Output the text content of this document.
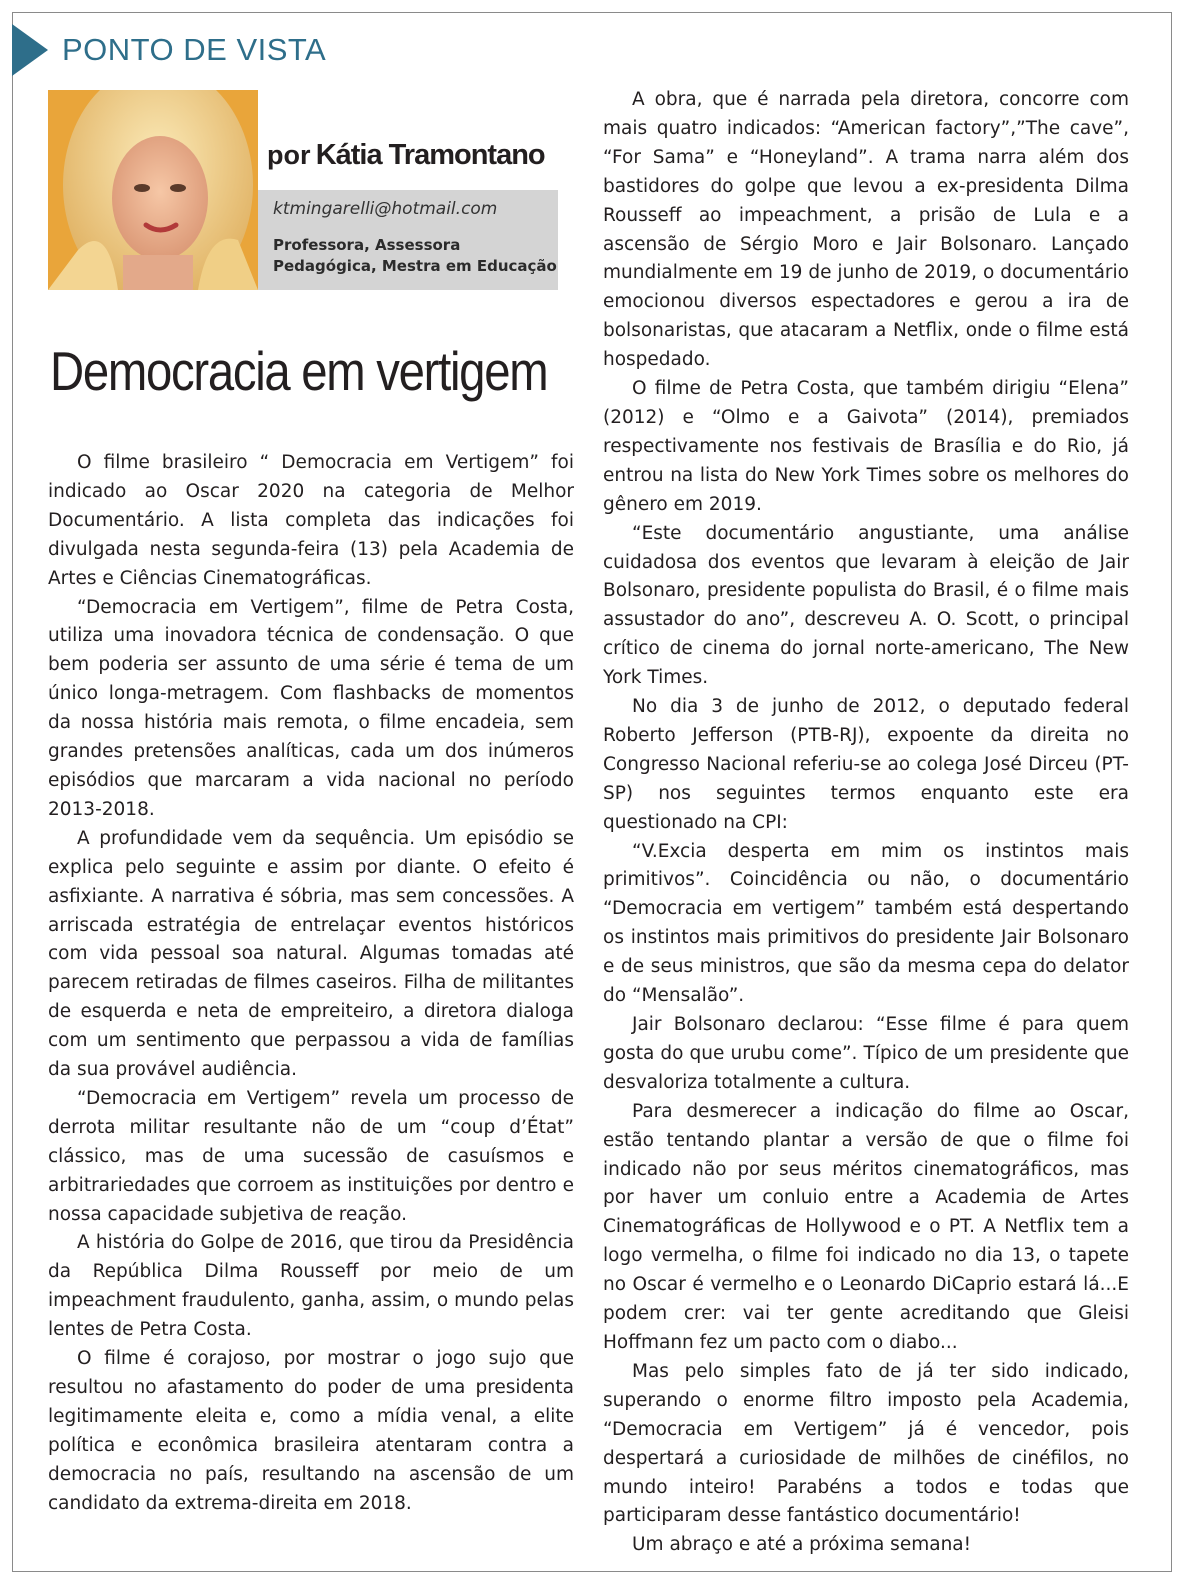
PONTO DE VISTA
por Kátia Tramontano
ktmingarelli@hotmail.com

Professora, Assessora Pedagógica, Mestra em Educação

Democracia em vertigem

O filme brasileiro “ Democracia em Vertigem” foi indicado ao Oscar 2020 na categoria de Melhor Documentário. A lista completa das indicações foi divulgada nesta segunda-feira (13) pela Academia de Artes e Ciências Cinematográficas.

“Democracia em Vertigem”, filme de Petra Costa, utiliza uma inovadora técnica de condensação. O que bem poderia ser assunto de uma série é tema de um único longa-metragem. Com flashbacks de momentos da nossa história mais remota, o filme encadeia, sem grandes pretensões analíticas, cada um dos inúmeros episódios que marcaram a vida nacional no período 2013-2018.

A profundidade vem da sequência. Um episódio se explica pelo seguinte e assim por diante. O efeito é asfixiante. A narrativa é sóbria, mas sem concessões. A arriscada estratégia de entrelaçar eventos históricos com vida pessoal soa natural. Algumas tomadas até parecem retiradas de filmes caseiros. Filha de militantes de esquerda e neta de empreiteiro, a diretora dialoga com um sentimento que perpassou a vida de famílias da sua provável audiência.

“Democracia em Vertigem” revela um processo de derrota militar resultante não de um “coup d’État” clássico, mas de uma sucessão de casuísmos e arbitrariedades que corroem as instituições por dentro e nossa capacidade subjetiva de reação.

A história do Golpe de 2016, que tirou da Presidência da República Dilma Rousseff por meio de um impeachment fraudulento, ganha, assim, o mundo pelas lentes de Petra Costa.

O filme é corajoso, por mostrar o jogo sujo que resultou no afastamento do poder de uma presidenta legitimamente eleita e, como a mídia venal, a elite política e econômica brasileira atentaram contra a democracia no país, resultando na ascensão de um candidato da extrema-direita em 2018.

A obra, que é narrada pela diretora, concorre com mais quatro indicados: “American factory”,”The cave”, “For Sama” e “Honeyland”. A trama narra além dos bastidores do golpe que levou a ex-presidenta Dilma Rousseff ao impeachment, a prisão de Lula e a ascensão de Sérgio Moro e Jair Bolsonaro. Lançado mundialmente em 19 de junho de 2019, o documentário emocionou diversos espectadores e gerou a ira de bolsonaristas, que atacaram a Netflix, onde o filme está hospedado.

O filme de Petra Costa, que também dirigiu “Elena” (2012) e “Olmo e a Gaivota” (2014), premiados respectivamente nos festivais de Brasília e do Rio, já entrou na lista do New York Times sobre os melhores do gênero em 2019.

“Este documentário angustiante, uma análise cuidadosa dos eventos que levaram à eleição de Jair Bolsonaro, presidente populista do Brasil, é o filme mais assustador do ano”, descreveu A. O. Scott, o principal crítico de cinema do jornal norte-americano, The New York Times.

No dia 3 de junho de 2012, o deputado federal Roberto Jefferson (PTB-RJ), expoente da direita no Congresso Nacional referiu-se ao colega José Dirceu (PT-SP) nos seguintes termos enquanto este era questionado na CPI:

“V.Excia desperta em mim os instintos mais primitivos”. Coincidência ou não, o documentário “Democracia em vertigem” também está despertando os instintos mais primitivos do presidente Jair Bolsonaro e de seus ministros, que são da mesma cepa do delator do “Mensalão”.

Jair Bolsonaro declarou: “Esse filme é para quem gosta do que urubu come”. Típico de um presidente que desvaloriza totalmente a cultura.

Para desmerecer a indicação do filme ao Oscar, estão tentando plantar a versão de que o filme foi indicado não por seus méritos cinematográficos, mas por haver um conluio entre a Academia de Artes Cinematográficas de Hollywood e o PT. A Netflix tem a logo vermelha, o filme foi indicado no dia 13, o tapete no Oscar é vermelho e o Leonardo DiCaprio estará lá...E podem crer: vai ter gente acreditando que Gleisi Hoffmann fez um pacto com o diabo...

Mas pelo simples fato de já ter sido indicado, superando o enorme filtro imposto pela Academia, “Democracia em Vertigem” já é vencedor, pois despertará a curiosidade de milhões de cinéfilos, no mundo inteiro! Parabéns a todos e todas que participaram desse fantástico documentário!

Um abraço e até a próxima semana!
